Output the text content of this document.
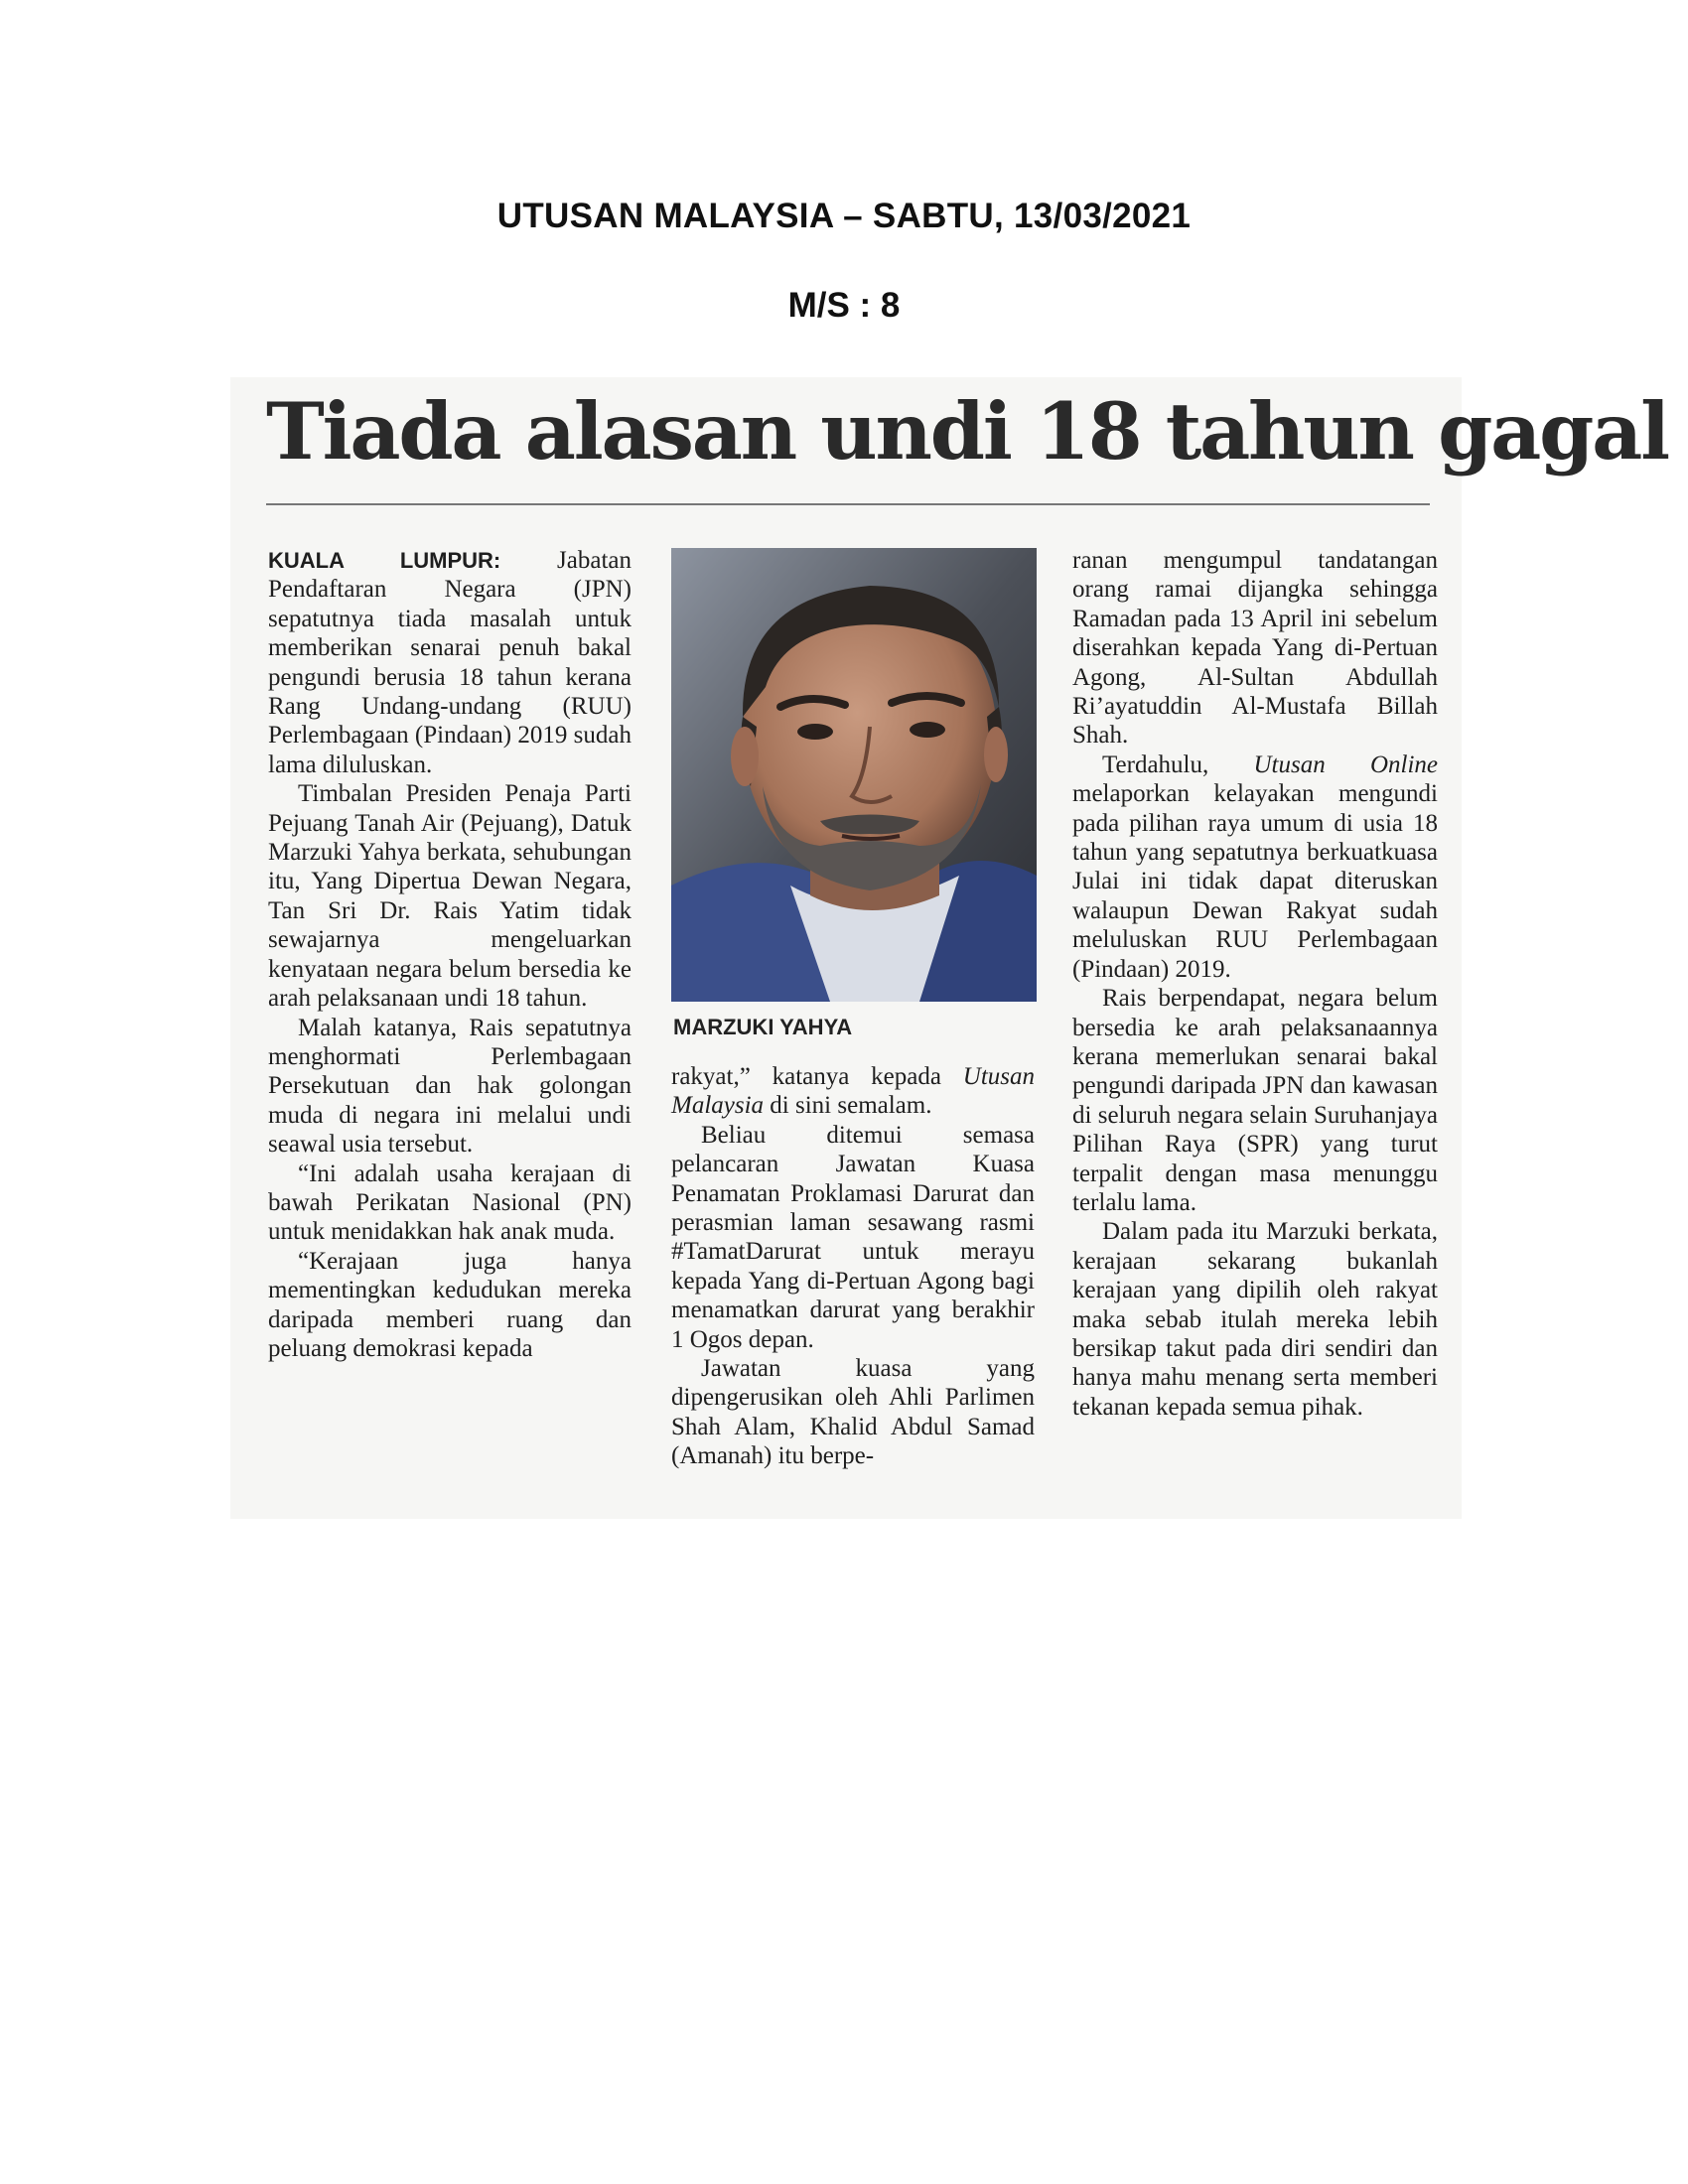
UTUSAN MALAYSIA – SABTU, 13/03/2021
M/S : 8
Tiada alasan undi 18 tahun gagal

KUALA LUMPUR: Jabatan Pendaftaran Negara (JPN) sepatutnya tiada masalah untuk memberikan senarai penuh bakal pengundi berusia 18 tahun kerana Rang Undang-undang (RUU) Perlembagaan (Pindaan) 2019 sudah lama diluluskan.

Timbalan Presiden Penaja Parti Pejuang Tanah Air (Pejuang), Datuk Marzuki Yahya berkata, sehubungan itu, Yang Dipertua Dewan Negara, Tan Sri Dr. Rais Yatim tidak sewajarnya mengeluarkan kenyataan negara belum bersedia ke arah pelaksanaan undi 18 tahun.

Malah katanya, Rais sepatutnya menghormati Perlembagaan Persekutuan dan hak golongan muda di negara ini melalui undi seawal usia tersebut.

“Ini adalah usaha kerajaan di bawah Perikatan Nasional (PN) untuk menidakkan hak anak muda.

“Kerajaan juga hanya mementingkan kedudukan mereka daripada memberi ruang dan peluang demokrasi kepada

MARZUKI YAHYA

rakyat,” katanya kepada Utusan Malaysia di sini semalam.

Beliau ditemui semasa pelancaran Jawatan Kuasa Penamatan Proklamasi Darurat dan perasmian laman sesawang rasmi #TamatDarurat untuk merayu kepada Yang di-Pertuan Agong bagi menamatkan darurat yang berakhir 1 Ogos depan.

Jawatan kuasa yang dipengerusikan oleh Ahli Parlimen Shah Alam, Khalid Abdul Samad (Amanah) itu berpe-

ranan mengumpul tandatangan orang ramai dijangka sehingga Ramadan pada 13 April ini sebelum diserahkan kepada Yang di-Pertuan Agong, Al-Sultan Abdullah Ri’ayatuddin Al-Mustafa Billah Shah.

Terdahulu, Utusan Online melaporkan kelayakan mengundi pada pilihan raya umum di usia 18 tahun yang sepatutnya berkuatkuasa Julai ini tidak dapat diteruskan walaupun Dewan Rakyat sudah meluluskan RUU Perlembagaan (Pindaan) 2019.

Rais berpendapat, negara belum bersedia ke arah pelaksanaannya kerana memerlukan senarai bakal pengundi daripada JPN dan kawasan di seluruh negara selain Suruhanjaya Pilihan Raya (SPR) yang turut terpalit dengan masa menunggu terlalu lama.

Dalam pada itu Marzuki berkata, kerajaan sekarang bukanlah kerajaan yang dipilih oleh rakyat maka sebab itulah mereka lebih bersikap takut pada diri sendiri dan hanya mahu menang serta memberi tekanan kepada semua pihak.
